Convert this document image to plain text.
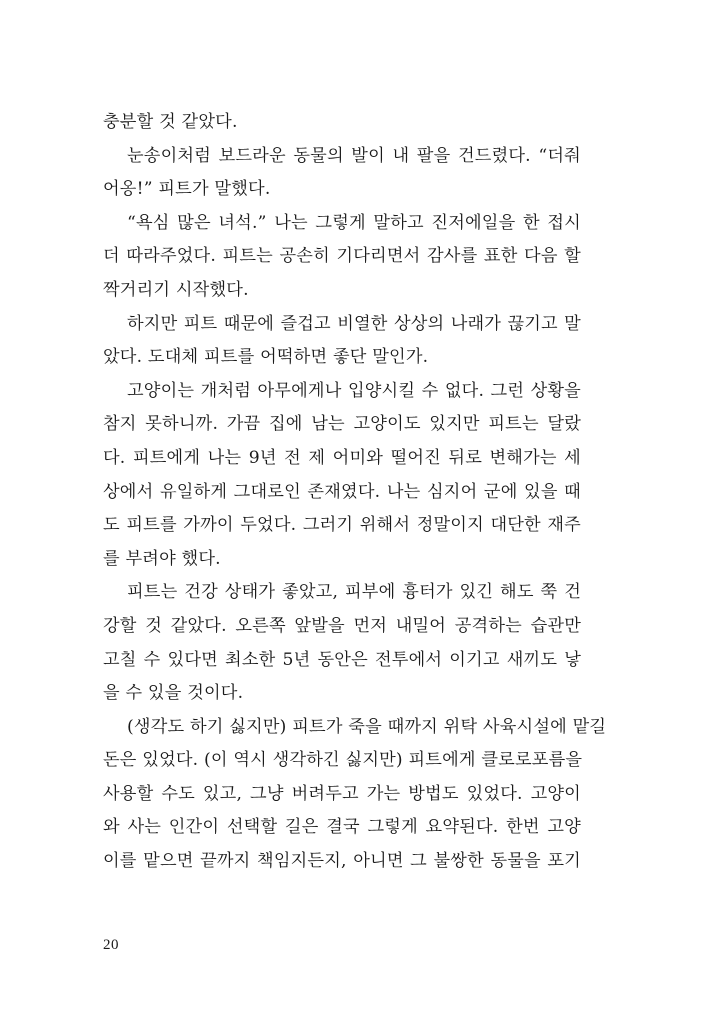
충분할 것 같았다.
눈송이처럼 보드라운 동물의 발이 내 팔을 건드렸다. “더줘
어옹!” 피트가 말했다.
“욕심 많은 녀석.” 나는 그렇게 말하고 진저에일을 한 접시
더 따라주었다. 피트는 공손히 기다리면서 감사를 표한 다음 할
짝거리기 시작했다.
하지만 피트 때문에 즐겁고 비열한 상상의 나래가 끊기고 말
았다. 도대체 피트를 어떡하면 좋단 말인가.
고양이는 개처럼 아무에게나 입양시킬 수 없다. 그런 상황을
참지 못하니까. 가끔 집에 남는 고양이도 있지만 피트는 달랐
다. 피트에게 나는 9년 전 제 어미와 떨어진 뒤로 변해가는 세
상에서 유일하게 그대로인 존재였다. 나는 심지어 군에 있을 때
도 피트를 가까이 두었다. 그러기 위해서 정말이지 대단한 재주
를 부려야 했다.
피트는 건강 상태가 좋았고, 피부에 흉터가 있긴 해도 쭉 건
강할 것 같았다. 오른쪽 앞발을 먼저 내밀어 공격하는 습관만
고칠 수 있다면 최소한 5년 동안은 전투에서 이기고 새끼도 낳
을 수 있을 것이다.
(생각도 하기 싫지만) 피트가 죽을 때까지 위탁 사육시설에 맡길
돈은 있었다. (이 역시 생각하긴 싫지만) 피트에게 클로로포름을
사용할 수도 있고, 그냥 버려두고 가는 방법도 있었다. 고양이
와 사는 인간이 선택할 길은 결국 그렇게 요약된다. 한번 고양
이를 맡으면 끝까지 책임지든지, 아니면 그 불쌍한 동물을 포기
20
